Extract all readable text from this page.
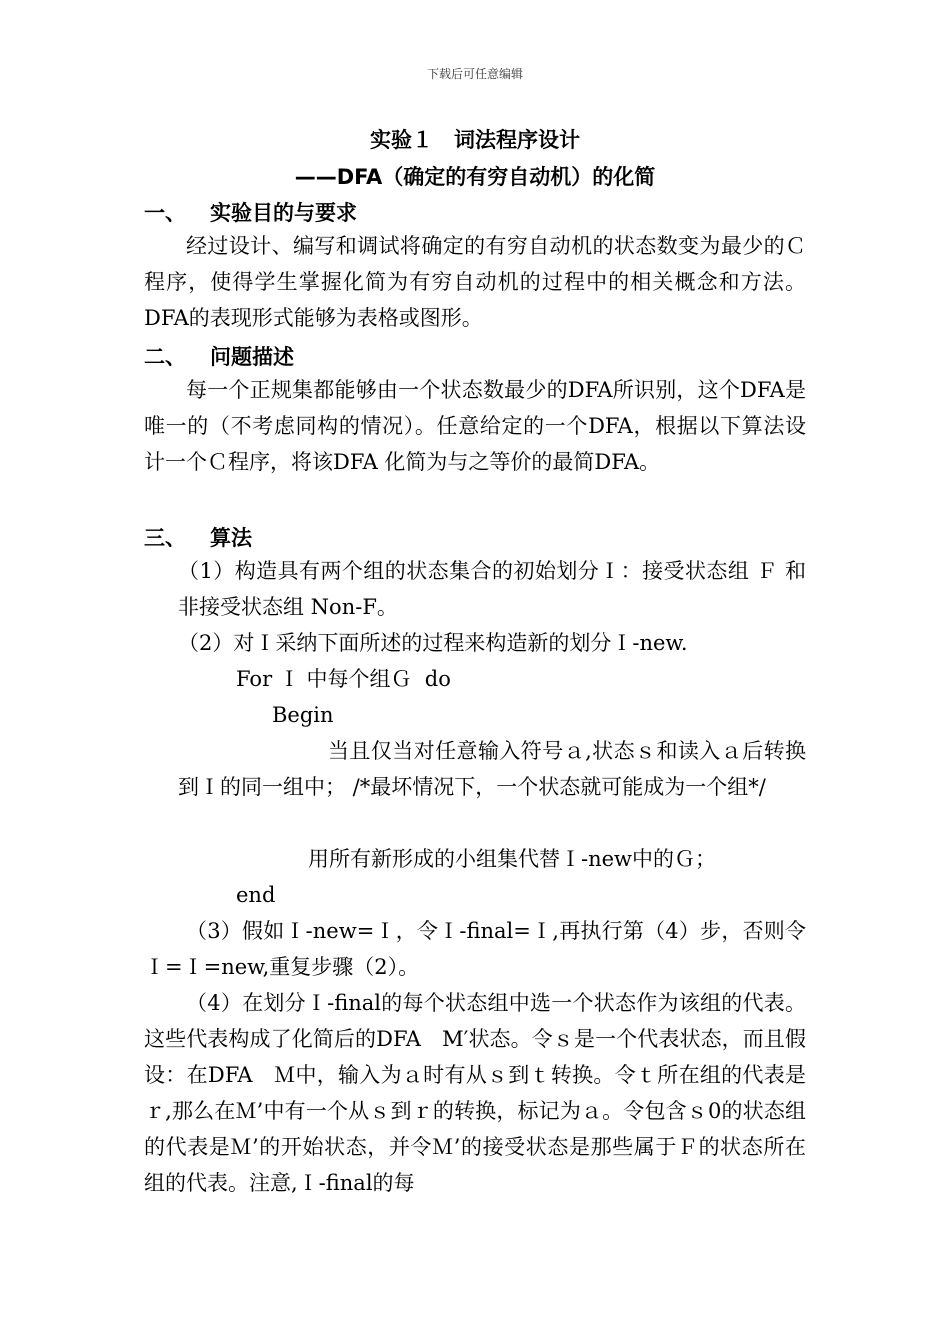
下载后可任意编辑
实验１　词法程序设计
——DFA（确定的有穷自动机）的化简
一、 实验目的与要求

经过设计、编写和调试将确定的有穷自动机的状态数变为最少的Ｃ程序，使得学生掌握化简为有穷自动机的过程中的相关概念和方法。DFA的表现形式能够为表格或图形。

二、 问题描述

每一个正规集都能够由一个状态数最少的DFA所识别，这个DFA是唯一的（不考虑同构的情况）。任意给定的一个DFA，根据以下算法设计一个Ｃ程序，将该DFA 化简为与之等价的最简DFA。

三、 算法

（1）构造具有两个组的状态集合的初始划分Ｉ：接受状态组 Ｆ 和非接受状态组 Non-F。

（2）对Ｉ采纳下面所述的过程来构造新的划分Ｉ-new.
For Ｉ 中每个组Ｇ  do
Begin

当且仅当对任意输入符号ａ,状态ｓ和读入ａ后转换到Ｉ的同一组中； /*最坏情况下，一个状态就可能成为一个组*/

用所有新形成的小组集代替Ｉ-new中的Ｇ；
end

（3）假如Ｉ-new=Ｉ，令Ｉ-final=Ｉ,再执行第（4）步，否则令Ｉ=Ｉ=new,重复步骤（2）。

（4）在划分Ｉ-final的每个状态组中选一个状态作为该组的代表。这些代表构成了化简后的DFA　M′状态。令ｓ是一个代表状态，而且假设：在DFA　Ｍ中，输入为ａ时有从ｓ到ｔ转换。令ｔ所在组的代表是ｒ,那么在Ｍ’中有一个从ｓ到ｒ的转换，标记为ａ。令包含ｓ0的状态组的代表是Ｍ’的开始状态，并令Ｍ’的接受状态是那些属于Ｆ的状态所在组的代表。注意,Ｉ-final的每
